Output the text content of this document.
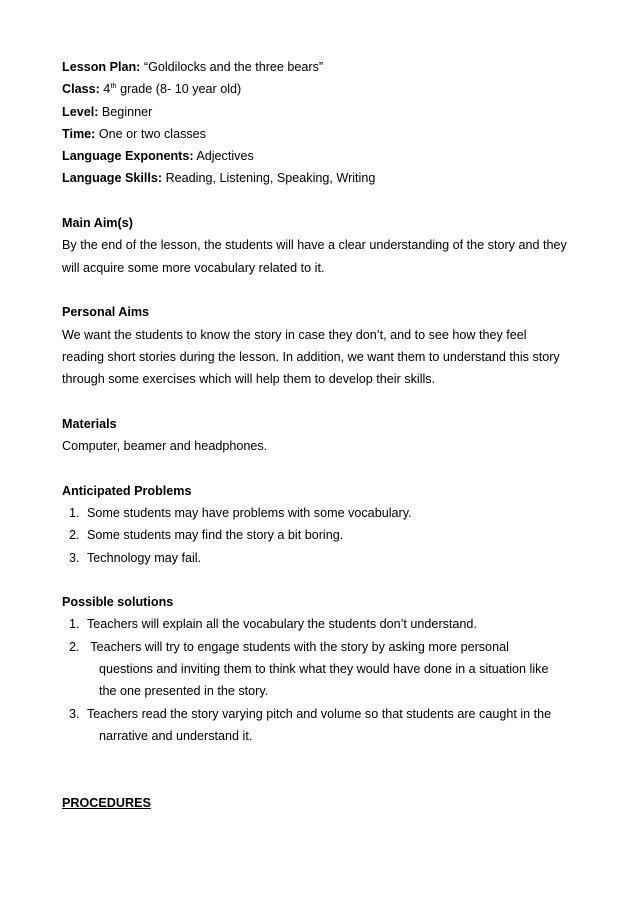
Lesson Plan: “Goldilocks and the three bears”
Class: 4th grade (8- 10 year old)
Level: Beginner
Time: One or two classes
Language Exponents: Adjectives
Language Skills: Reading, Listening, Speaking, Writing
Main Aim(s)
By the end of the lesson, the students will have a clear understanding of the story and they
will acquire some more vocabulary related to it.
Personal Aims
We want the students to know the story in case they don’t, and to see how they feel
reading short stories during the lesson. In addition, we want them to understand this story
through some exercises which will help them to develop their skills.
Materials
Computer, beamer and headphones.
Anticipated Problems
1. Some students may have problems with some vocabulary.
2. Some students may find the story a bit boring.
3. Technology may fail.
Possible solutions
1. Teachers will explain all the vocabulary the students don’t understand.
2. Teachers will try to engage students with the story by asking more personal
questions and inviting them to think what they would have done in a situation like
the one presented in the story.
3. Teachers read the story varying pitch and volume so that students are caught in the
narrative and understand it.
PROCEDURES
